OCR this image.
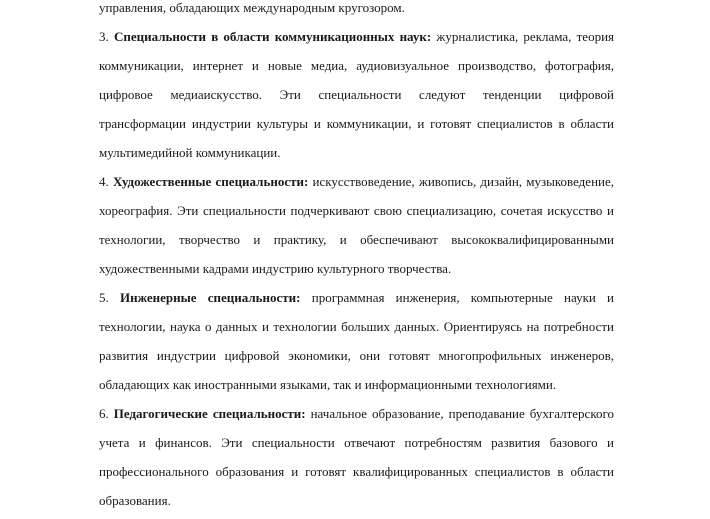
управления, обладающих международным кругозором.

3. Специальности в области коммуникационных наук: журналистика, реклама, теория коммуникации, интернет и новые медиа, аудиовизуальное производство, фотография, цифровое медиаискусство. Эти специальности следуют тенденции цифровой трансформации индустрии культуры и коммуникации, и готовят специалистов в области мультимедийной коммуникации.

4. Художественные специальности: искусствоведение, живопись, дизайн, музыковедение, хореография. Эти специальности подчеркивают свою специализацию, сочетая искусство и технологии, творчество и практику, и обеспечивают высококвалифицированными художественными кадрами индустрию культурного творчества.

5. Инженерные специальности: программная инженерия, компьютерные науки и технологии, наука о данных и технологии больших данных. Ориентируясь на потребности развития индустрии цифровой экономики, они готовят многопрофильных инженеров, обладающих как иностранными языками, так и информационными технологиями.

6. Педагогические специальности: начальное образование, преподавание бухгалтерского учета и финансов. Эти специальности отвечают потребностям развития базового и профессионального образования и готовят квалифицированных специалистов в области образования.
